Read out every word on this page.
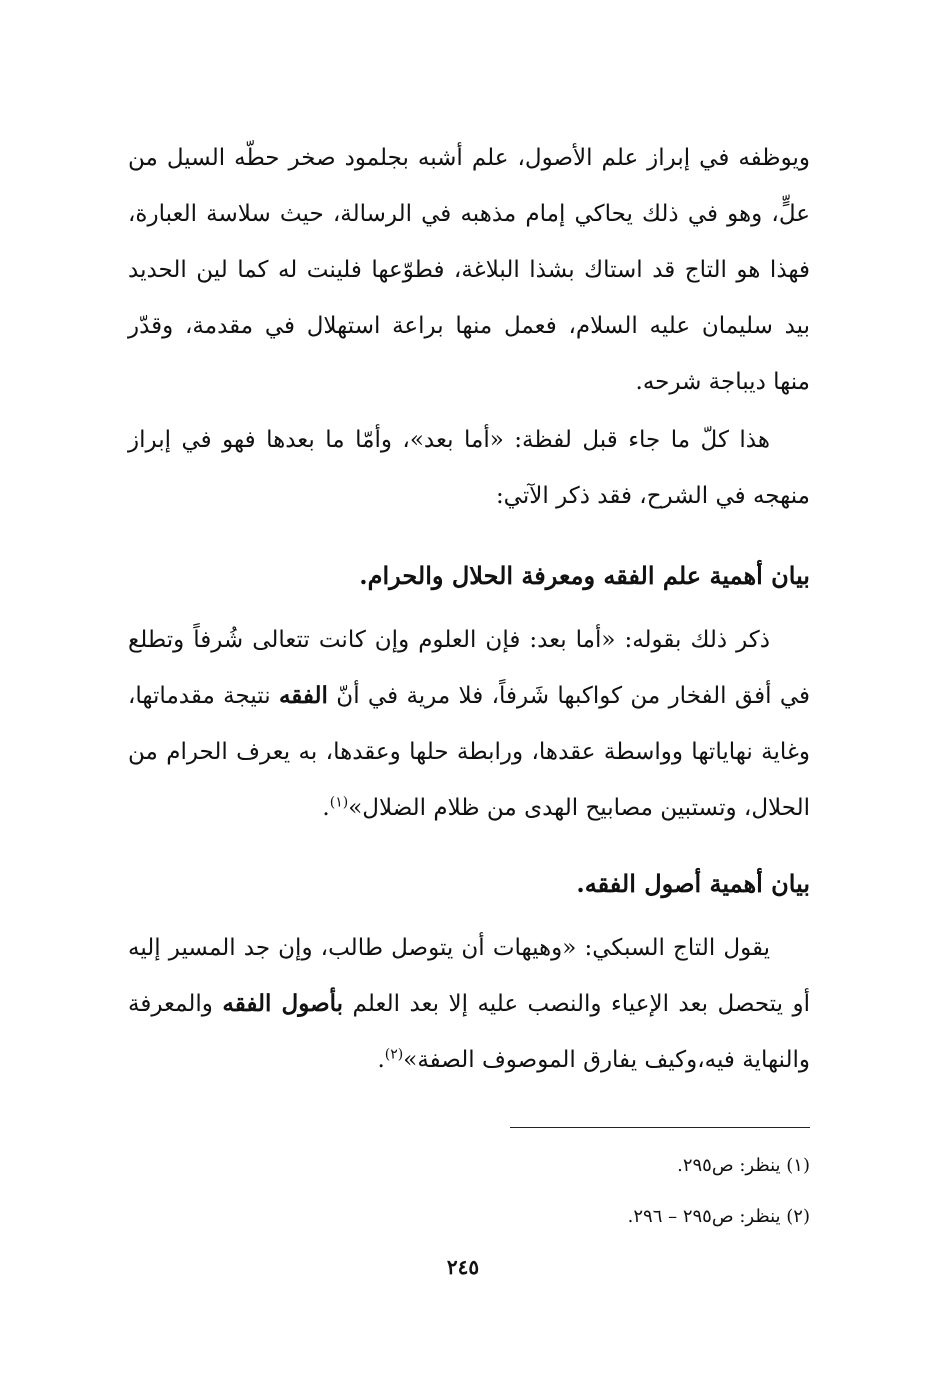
ويوظفه في إبراز علم الأصول، علم أشبه بجلمود صخر حطّه السيل من علٍّ، وهو في ذلك يحاكي إمام مذهبه في الرسالة، حيث سلاسة العبارة، فهذا هو التاج قد استاك بشذا البلاغة، فطوّعها فلينت له كما لين الحديد بيد سليمان عليه السلام، فعمل منها براعة استهلال في مقدمة، وقدّر منها ديباجة شرحه.

هذا كلّ ما جاء قبل لفظة: «أما بعد»، وأمّا ما بعدها فهو في إبراز منهجه في الشرح، فقد ذكر الآتي:

بيان أهمية علم الفقه ومعرفة الحلال والحرام.

ذكر ذلك بقوله: «أما بعد: فإن العلوم وإن كانت تتعالى شُرفاً وتطلع في أفق الفخار من كواكبها شَرفاً، فلا مرية في أنّ الفقه نتيجة مقدماتها، وغاية نهاياتها وواسطة عقدها، ورابطة حلها وعقدها، به يعرف الحرام من الحلال، وتستبين مصابيح الهدى من ظلام الضلال»$^{(١)}$.

بيان أهمية أصول الفقه.

يقول التاج السبكي: «وهيهات أن يتوصل طالب، وإن جد المسير إليه أو يتحصل بعد الإعياء والنصب عليه إلا بعد العلم بأصول الفقه والمعرفة والنهاية فيه،وكيف يفارق الموصوف الصفة»$^{(٢)}$.

(١) ينظر: ص٢٩٥.
(٢) ينظر: ص٢٩٥ – ٢٩٦.
٢٤٥
